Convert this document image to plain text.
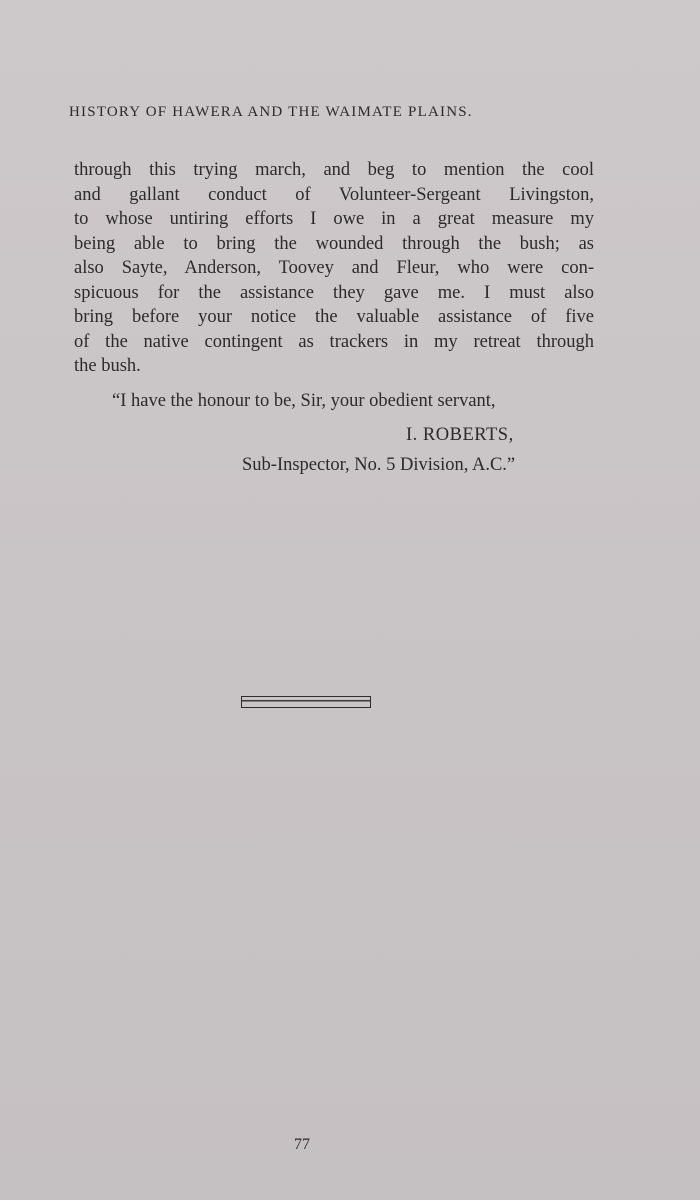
HISTORY OF HAWERA AND THE WAIMATE PLAINS.
through this trying march, and beg to mention the cool
and gallant conduct of Volunteer-Sergeant Livingston,
to whose untiring efforts I owe in a great measure my
being able to bring the wounded through the bush; as
also Sayte, Anderson, Toovey and Fleur, who were con-
spicuous for the assistance they gave me. I must also
bring before your notice the valuable assistance of five
of the native contingent as trackers in my retreat through
the bush.
“I have the honour to be, Sir, your obedient servant,
I. ROBERTS,
Sub-Inspector, No. 5 Division, A.C.”
77
